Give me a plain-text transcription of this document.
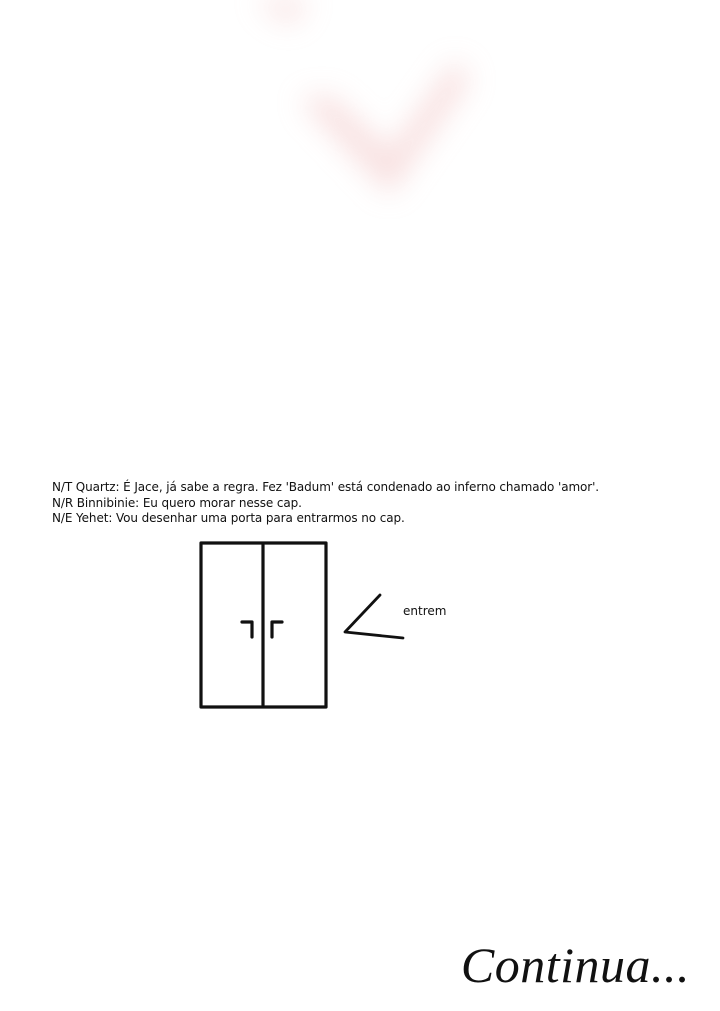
N/T Quartz: É Jace, já sabe a regra. Fez 'Badum' está condenado ao inferno chamado 'amor'.
N/R Binnibinie: Eu quero morar nesse cap.
N/E Yehet: Vou desenhar uma porta para entrarmos no cap.
entrem
Continua...
